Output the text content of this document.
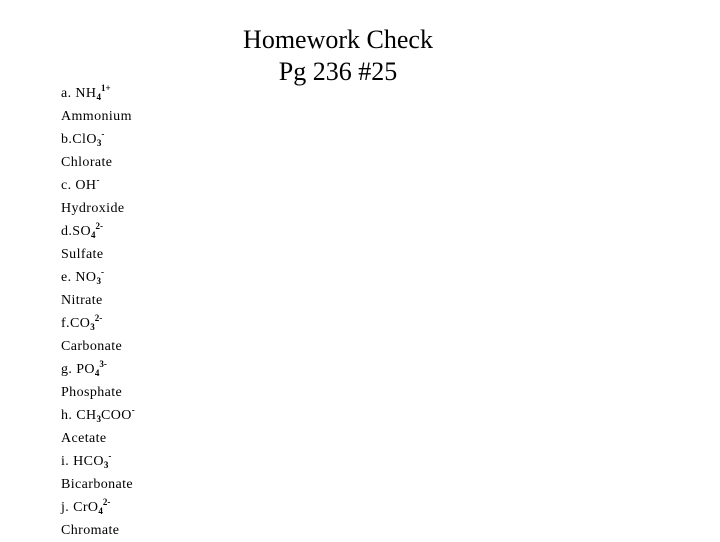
Homework Check
Pg 236 #25
a. $NH_4^{1+}$
Ammonium
b.ClO$_3$-
Chlorate
c. OH-
Hydroxide
$d.SO_4^{2-}$
Sulfate
e. $NO_3^-$
Nitrate
$f.CO_3^{2-}$
Carbonate
g. $PO_4^{3-}$
Phosphate
h. $CH_3COO^-$
Acetate
i. $HCO_3^-$
Bicarbonate
j. CrO$_4^{2-}$
Chromate
